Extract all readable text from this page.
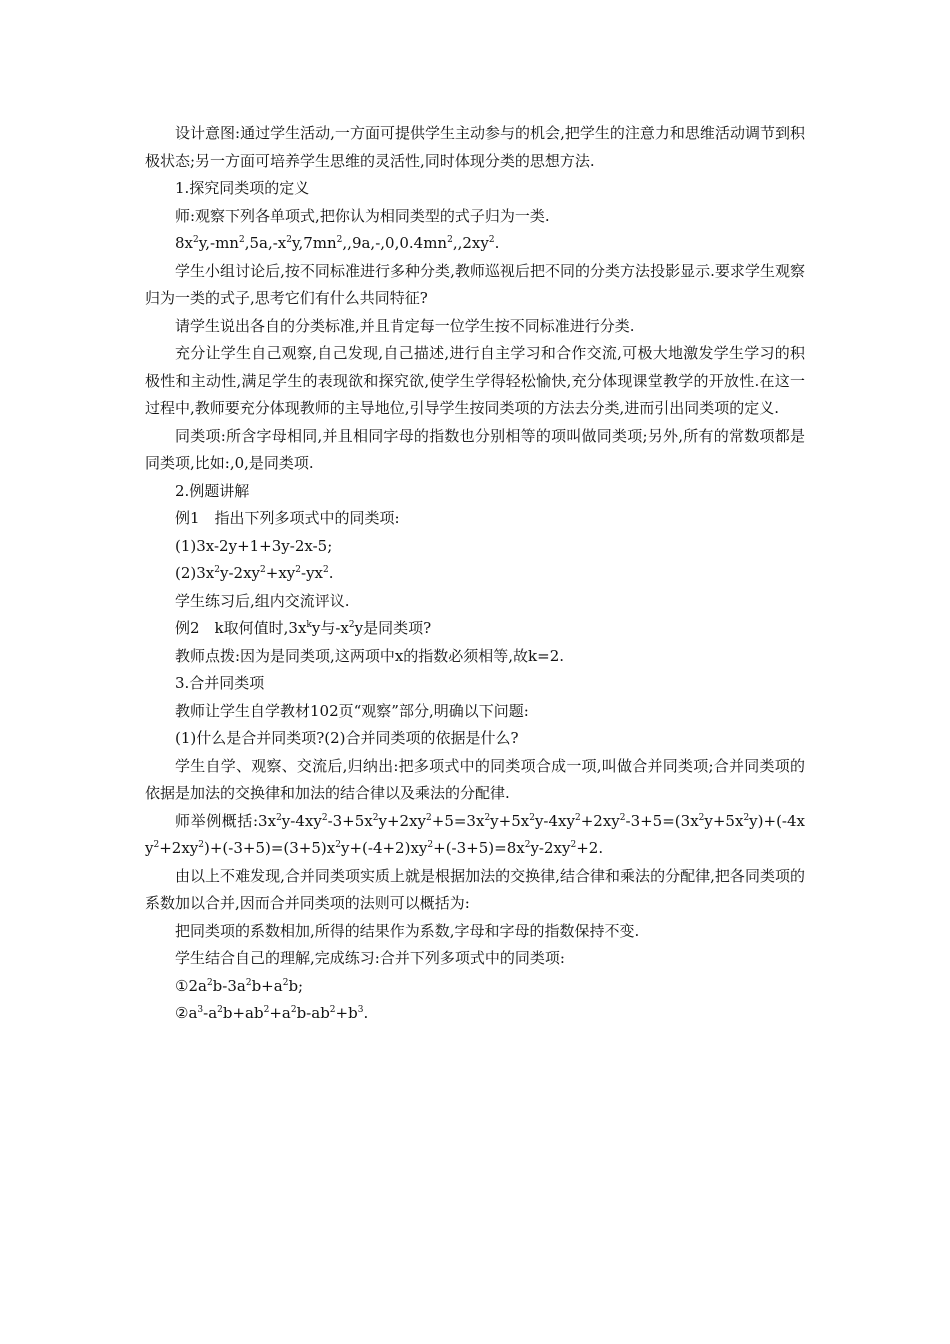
设计意图:通过学生活动,一方面可提供学生主动参与的机会,把学生的注意力和思维活动调节到积极状态;另一方面可培养学生思维的灵活性,同时体现分类的思想方法.

1.探究同类项的定义

师:观察下列各单项式,把你认为相同类型的式子归为一类.

$8x^2y,-mn^2,5a,-x^2y,7mn^2,,9a,-,0,0.4mn^2,,2xy^2$.

学生小组讨论后,按不同标准进行多种分类,教师巡视后把不同的分类方法投影显示.要求学生观察归为一类的式子,思考它们有什么共同特征?

请学生说出各自的分类标准,并且肯定每一位学生按不同标准进行分类.

充分让学生自己观察,自己发现,自己描述,进行自主学习和合作交流,可极大地激发学生学习的积极性和主动性,满足学生的表现欲和探究欲,使学生学得轻松愉快,充分体现课堂教学的开放性.在这一过程中,教师要充分体现教师的主导地位,引导学生按同类项的方法去分类,进而引出同类项的定义.

同类项:所含字母相同,并且相同字母的指数也分别相等的项叫做同类项;另外,所有的常数项都是同类项,比如:,0,是同类项.

2.例题讲解

例1　指出下列多项式中的同类项:

(1)3x-2y+1+3y-2x-5;

$(2)3x^2y-2xy^2+xy^2-yx^2$.

学生练习后,组内交流评议.

例2　k取何值时$,3x^ky$与$-x^2y$是同类项?

教师点拨:因为是同类项,这两项中x的指数必须相等,故k=2.

3.合并同类项

教师让学生自学教材102页“观察”部分,明确以下问题:

(1)什么是合并同类项?(2)合并同类项的依据是什么?

学生自学、观察、交流后,归纳出:把多项式中的同类项合成一项,叫做合并同类项;合并同类项的依据是加法的交换律和加法的结合律以及乘法的分配律.

师举例概括$:3x^2y-4xy^2-3+5x^2y+2xy^2+5=3x^2y+5x^2y-4xy^2+2xy^2-3+5=(3x^2y+5x^2y)+(-4xy^2+2xy^2)+(-3+5)=(3+5)x^2y+(-4+2)xy^2+(-3+5)=8x^2y-2xy^2+2$.

由以上不难发现,合并同类项实质上就是根据加法的交换律,结合律和乘法的分配律,把各同类项的系数加以合并,因而合并同类项的法则可以概括为:

把同类项的系数相加,所得的结果作为系数,字母和字母的指数保持不变.

学生结合自己的理解,完成练习:合并下列多项式中的同类项:

$①2a^2b-3a^2b+a^2b$;

$②a^3-a^2b+ab^2+a^2b-ab^2+b^3$.
